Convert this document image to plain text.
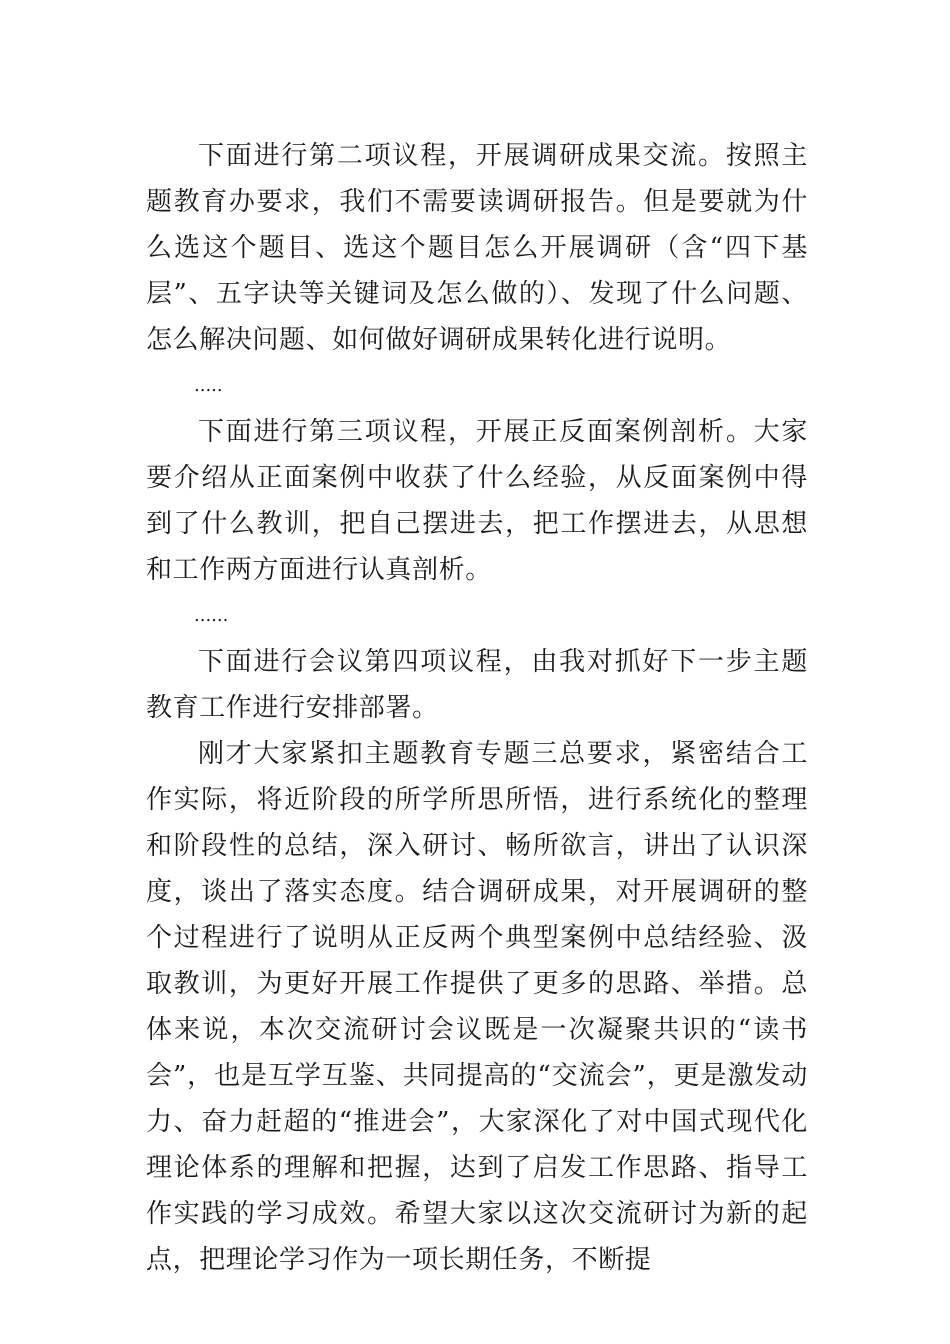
下面进行第二项议程，开展调研成果交流。按照主题教育办要求，我们不需要读调研报告。但是要就为什么选这个题目、选这个题目怎么开展调研（含“四下基层”、五字诀等关键词及怎么做的）、发现了什么问题、怎么解决问题、如何做好调研成果转化进行说明。

.....

下面进行第三项议程，开展正反面案例剖析。大家要介绍从正面案例中收获了什么经验，从反面案例中得到了什么教训，把自己摆进去，把工作摆进去，从思想和工作两方面进行认真剖析。

......

下面进行会议第四项议程，由我对抓好下一步主题教育工作进行安排部署。

刚才大家紧扣主题教育专题三总要求，紧密结合工作实际，将近阶段的所学所思所悟，进行系统化的整理和阶段性的总结，深入研讨、畅所欲言，讲出了认识深度，谈出了落实态度。结合调研成果，对开展调研的整个过程进行了说明从正反两个典型案例中总结经验、汲取教训，为更好开展工作提供了更多的思路、举措。总体来说，本次交流研讨会议既是一次凝聚共识的“读书会”，也是互学互鉴、共同提高的“交流会”，更是激发动力、奋力赶超的“推进会”，大家深化了对中国式现代化理论体系的理解和把握，达到了启发工作思路、指导工作实践的学习成效。希望大家以这次交流研讨为新的起点，把理论学习作为一项长期任务，不断提
